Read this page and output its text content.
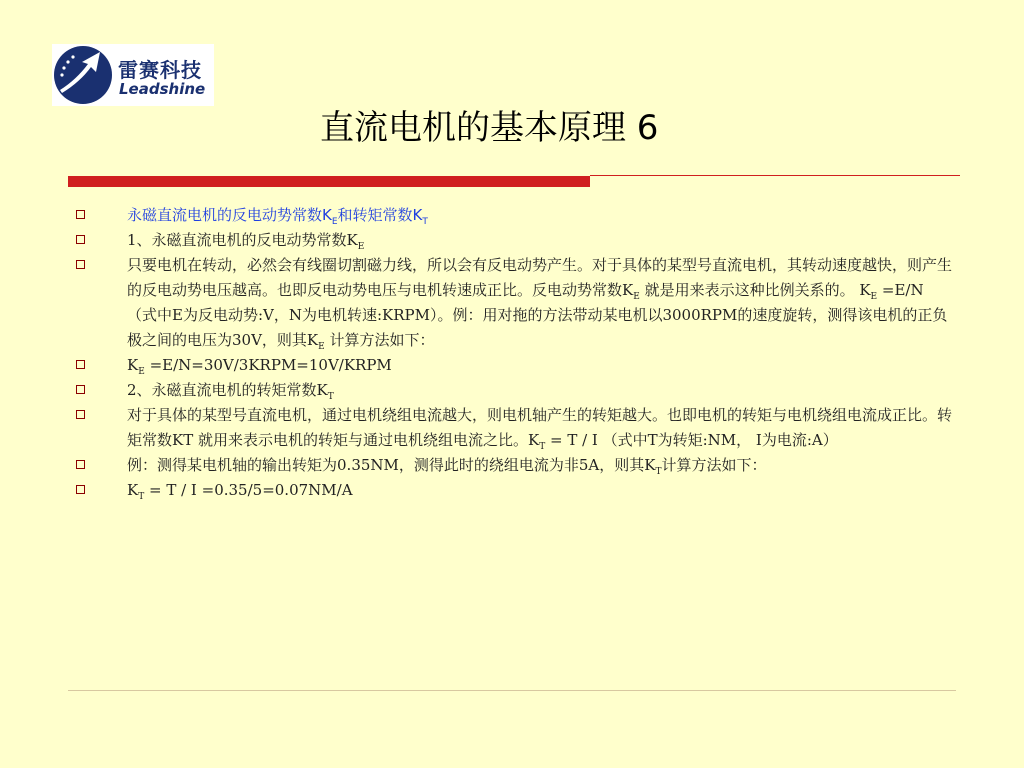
雷赛科技
Leadshine
直流电机的基本原理 6
永磁直流电机的反电动势常数$K_E$和转矩常数$K_T$
1、永磁直流电机的反电动势常数$K_E$
只要电机在转动，必然会有线圈切割磁力线，所以会有反电动势产生。对于具体的某型号直流电机，其转动速度越快，则产生的反电动势电压越高。也即反电动势电压与电机转速成正比。反电动势常数$K_E$ 就是用来表示这种比例关系的。 $K_E =E/N$ （式中E为反电动势:V，N为电机转速:KRPM）。例：用对拖的方法带动某电机以3000RPM的速度旋转，测得该电机的正负极之间的电压为30V，则其$K_E$ 计算方法如下：
$K_E$ =E/N=30V/3KRPM=10V/KRPM
2、永磁直流电机的转矩常数$K_T$
对于具体的某型号直流电机，通过电机绕组电流越大，则电机轴产生的转矩越大。也即电机的转矩与电机绕组电流成正比。转矩常数KT 就用来表示电机的转矩与通过电机绕组电流之比。$K_T = T / I$ （式中T为转矩:NM， I为电流:A）
例：测得某电机轴的输出转矩为0.35NM，测得此时的绕组电流为非5A，则其$K_T$计算方法如下：
$K_T = T / I =0.35/5=0.07NM/A$
